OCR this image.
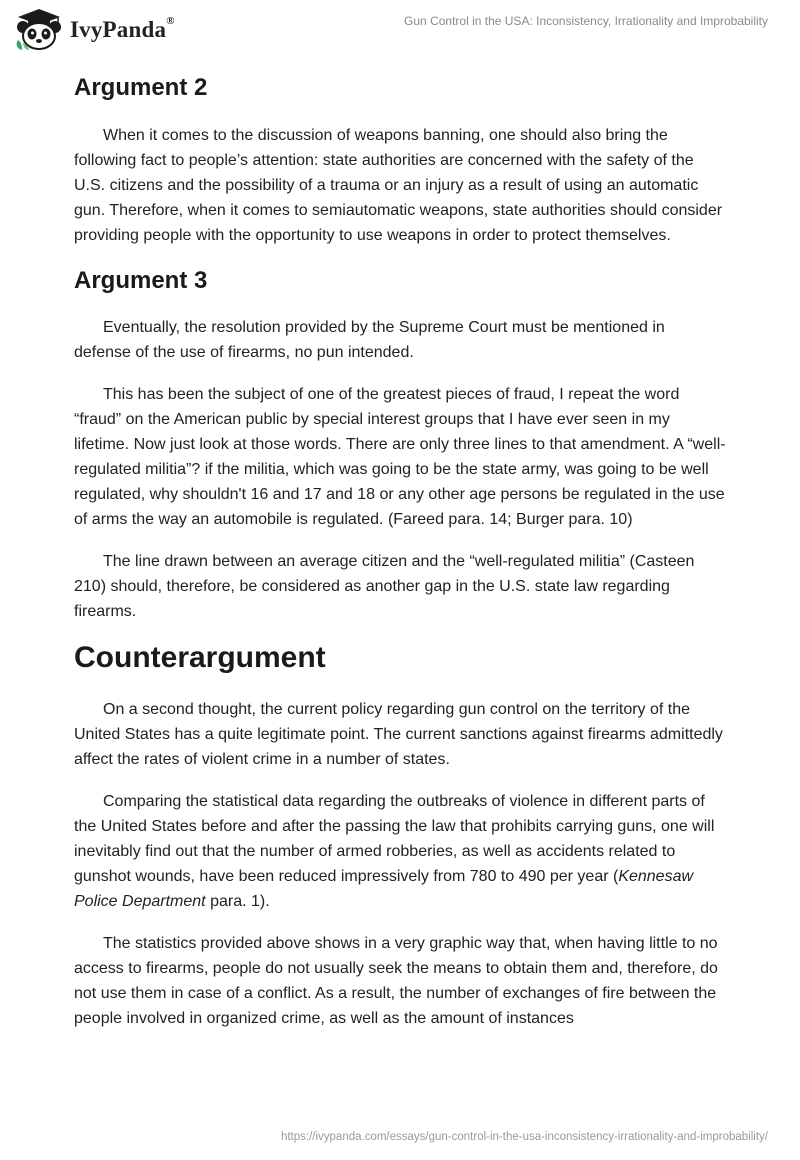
IvyPanda®	Gun Control in the USA: Inconsistency, Irrationality and Improbability
Argument 2

When it comes to the discussion of weapons banning, one should also bring the following fact to people’s attention: state authorities are concerned with the safety of the U.S. citizens and the possibility of a trauma or an injury as a result of using an automatic gun. Therefore, when it comes to semiautomatic weapons, state authorities should consider providing people with the opportunity to use weapons in order to protect themselves.

Argument 3

Eventually, the resolution provided by the Supreme Court must be mentioned in defense of the use of firearms, no pun intended.

This has been the subject of one of the greatest pieces of fraud, I repeat the word “fraud” on the American public by special interest groups that I have ever seen in my lifetime. Now just look at those words. There are only three lines to that amendment. A “well-regulated militia”? if the militia, which was going to be the state army, was going to be well regulated, why shouldn't 16 and 17 and 18 or any other age persons be regulated in the use of arms the way an automobile is regulated. (Fareed para. 14; Burger para. 10)

The line drawn between an average citizen and the “well-regulated militia” (Casteen 210) should, therefore, be considered as another gap in the U.S. state law regarding firearms.

Counterargument

On a second thought, the current policy regarding gun control on the territory of the United States has a quite legitimate point. The current sanctions against firearms admittedly affect the rates of violent crime in a number of states.

Comparing the statistical data regarding the outbreaks of violence in different parts of the United States before and after the passing the law that prohibits carrying guns, one will inevitably find out that the number of armed robberies, as well as accidents related to gunshot wounds, have been reduced impressively from 780 to 490 per year (Kennesaw Police Department para. 1).

The statistics provided above shows in a very graphic way that, when having little to no access to firearms, people do not usually seek the means to obtain them and, therefore, do not use them in case of a conflict. As a result, the number of exchanges of fire between the people involved in organized crime, as well as the amount of instances

https://ivypanda.com/essays/gun-control-in-the-usa-inconsistency-irrationality-and-improbability/
